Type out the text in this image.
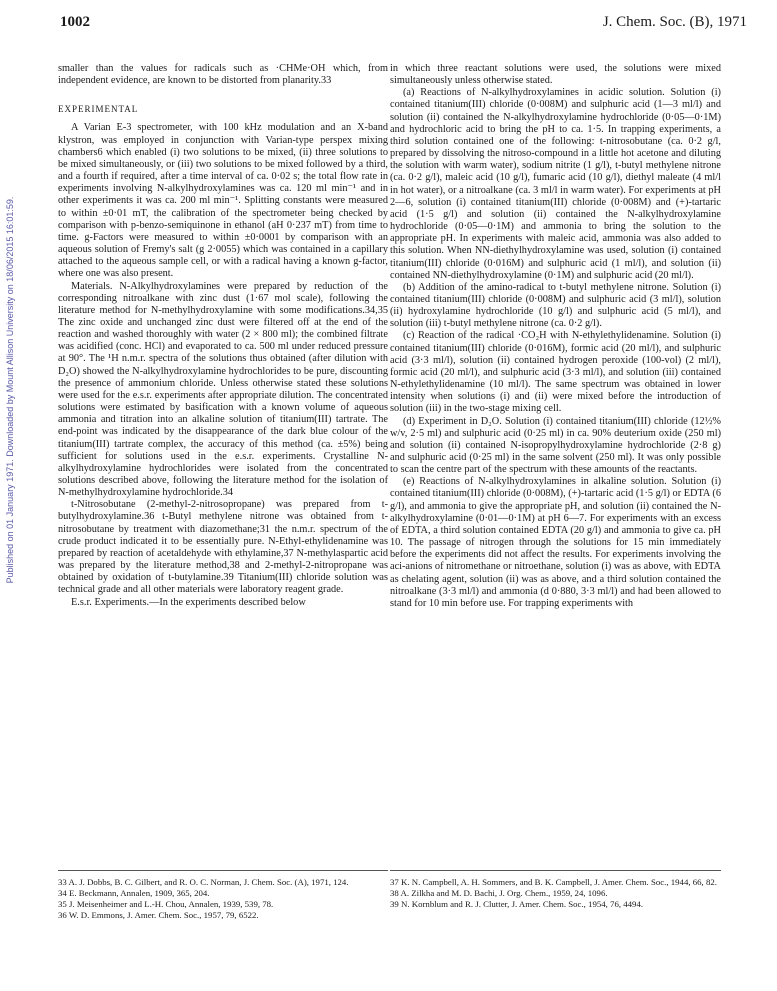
1002	J. Chem. Soc. (B), 1971
Published on 01 January 1971. Downloaded by Mount Allison University on 18/06/2015 16:01:59.

smaller than the values for radicals such as ·CHMe·OH which, from independent evidence, are known to be distorted from planarity.33

EXPERIMENTAL

A Varian E-3 spectrometer, with 100 kHz modulation and an X-band klystron, was employed in conjunction with Varian-type perspex mixing chambers6 which enabled (i) two solutions to be mixed, (ii) three solutions to be mixed simultaneously, or (iii) two solutions to be mixed followed by a third, and a fourth if required, after a time interval of ca. 0·02 s; the total flow rate in experiments involving N-alkylhydroxylamines was ca. 120 ml min⁻¹ and in other experiments it was ca. 200 ml min⁻¹. Splitting constants were measured to within ±0·01 mT, the calibration of the spectrometer being checked by comparison with p-benzo-semiquinone in ethanol (aH 0·237 mT) from time to time. g-Factors were measured to within ±0·0001 by comparison with an aqueous solution of Fremy's salt (g 2·0055) which was contained in a capillary attached to the aqueous sample cell, or with a radical having a known g-factor, where one was also present.

Materials. N-Alkylhydroxylamines were prepared by reduction of the corresponding nitroalkane with zinc dust (1·67 mol scale), following the literature method for N-methylhydroxylamine with some modifications.34,35 The zinc oxide and unchanged zinc dust were filtered off at the end of the reaction and washed thoroughly with water (2 × 800 ml); the combined filtrate was acidified (conc. HCl) and evaporated to ca. 500 ml under reduced pressure at 90°. The ¹H n.m.r. spectra of the solutions thus obtained (after dilution with D₂O) showed the N-alkylhydroxylamine hydrochlorides to be pure, discounting the presence of ammonium chloride. Unless otherwise stated these solutions were used for the e.s.r. experiments after appropriate dilution. The concentrated solutions were estimated by basification with a known volume of aqueous ammonia and titration into an alkaline solution of titanium(III) tartrate. The end-point was indicated by the disappearance of the dark blue colour of the titanium(III) tartrate complex, the accuracy of this method (ca. ±5%) being sufficient for solutions used in the e.s.r. experiments. Crystalline N-alkylhydroxylamine hydrochlorides were isolated from the concentrated solutions described above, following the literature method for the isolation of N-methylhydroxylamine hydrochloride.34

t-Nitrosobutane (2-methyl-2-nitrosopropane) was prepared from t-butylhydroxylamine.36 t-Butyl methylene nitrone was obtained from t-nitrosobutane by treatment with diazomethane;31 the n.m.r. spectrum of the crude product indicated it to be essentially pure. N-Ethyl-ethylidenamine was prepared by reaction of acetaldehyde with ethylamine,37 N-methylaspartic acid was prepared by the literature method,38 and 2-methyl-2-nitropropane was obtained by oxidation of t-butylamine.39 Titanium(III) chloride solution was technical grade and all other materials were laboratory reagent grade.

E.s.r. Experiments.—In the experiments described below

in which three reactant solutions were used, the solutions were mixed simultaneously unless otherwise stated.

(a) Reactions of N-alkylhydroxylamines in acidic solution. Solution (i) contained titanium(III) chloride (0·008M) and sulphuric acid (1—3 ml/l) and solution (ii) contained the N-alkylhydroxylamine hydrochloride (0·05—0·1M) and hydrochloric acid to bring the pH to ca. 1·5. In trapping experiments, a third solution contained one of the following: t-nitrosobutane (ca. 0·2 g/l, prepared by dissolving the nitroso-compound in a little hot acetone and diluting the solution with warm water), sodium nitrite (1 g/l), t-butyl methylene nitrone (ca. 0·2 g/l), maleic acid (10 g/l), fumaric acid (10 g/l), diethyl maleate (4 ml/l in hot water), or a nitroalkane (ca. 3 ml/l in warm water). For experiments at pH 2—6, solution (i) contained titanium(III) chloride (0·008M) and (+)-tartaric acid (1·5 g/l) and solution (ii) contained the N-alkylhydroxylamine hydrochloride (0·05—0·1M) and ammonia to bring the solution to the appropriate pH. In experiments with maleic acid, ammonia was also added to this solution. When NN-diethylhydroxylamine was used, solution (i) contained titanium(III) chloride (0·016M) and sulphuric acid (1 ml/l), and solution (ii) contained NN-diethylhydroxylamine (0·1M) and sulphuric acid (20 ml/l).

(b) Addition of the amino-radical to t-butyl methylene nitrone. Solution (i) contained titanium(III) chloride (0·008M) and sulphuric acid (3 ml/l), solution (ii) hydroxylamine hydrochloride (10 g/l) and sulphuric acid (5 ml/l), and solution (iii) t-butyl methylene nitrone (ca. 0·2 g/l).

(c) Reaction of the radical ·CO₂H with N-ethylethylidenamine. Solution (i) contained titanium(III) chloride (0·016M), formic acid (20 ml/l), and sulphuric acid (3·3 ml/l), solution (ii) contained hydrogen peroxide (100-vol) (2 ml/l), formic acid (20 ml/l), and sulphuric acid (3·3 ml/l), and solution (iii) contained N-ethylethylidenamine (10 ml/l). The same spectrum was obtained in lower intensity when solutions (i) and (ii) were mixed before the introduction of solution (iii) in the two-stage mixing cell.

(d) Experiment in D₂O. Solution (i) contained titanium(III) chloride (12½% w/v, 2·5 ml) and sulphuric acid (0·25 ml) in ca. 90% deuterium oxide (250 ml) and solution (ii) contained N-isopropylhydroxylamine hydrochloride (2·8 g) and sulphuric acid (0·25 ml) in the same solvent (250 ml). It was only possible to scan the centre part of the spectrum with these amounts of the reactants.

(e) Reactions of N-alkylhydroxylamines in alkaline solution. Solution (i) contained titanium(III) chloride (0·008M), (+)-tartaric acid (1·5 g/l) or EDTA (6 g/l), and ammonia to give the appropriate pH, and solution (ii) contained the N-alkylhydroxylamine (0·01—0·1M) at pH 6—7. For experiments with an excess of EDTA, a third solution contained EDTA (20 g/l) and ammonia to give ca. pH 10. The passage of nitrogen through the solutions for 15 min immediately before the experiments did not affect the results. For experiments involving the aci-anions of nitromethane or nitroethane, solution (i) was as above, with EDTA as chelating agent, solution (ii) was as above, and a third solution contained the nitroalkane (3·3 ml/l) and ammonia (d 0·880, 3·3 ml/l) and had been allowed to stand for 10 min before use. For trapping experiments with

33 A. J. Dobbs, B. C. Gilbert, and R. O. C. Norman, J. Chem. Soc. (A), 1971, 124.
34 E. Beckmann, Annalen, 1909, 365, 204.
35 J. Meisenheimer and L.-H. Chou, Annalen, 1939, 539, 78.
36 W. D. Emmons, J. Amer. Chem. Soc., 1957, 79, 6522.
37 K. N. Campbell, A. H. Sommers, and B. K. Campbell, J. Amer. Chem. Soc., 1944, 66, 82.
38 A. Zilkha and M. D. Bachi, J. Org. Chem., 1959, 24, 1096.
39 N. Kornblum and R. J. Clutter, J. Amer. Chem. Soc., 1954, 76, 4494.
